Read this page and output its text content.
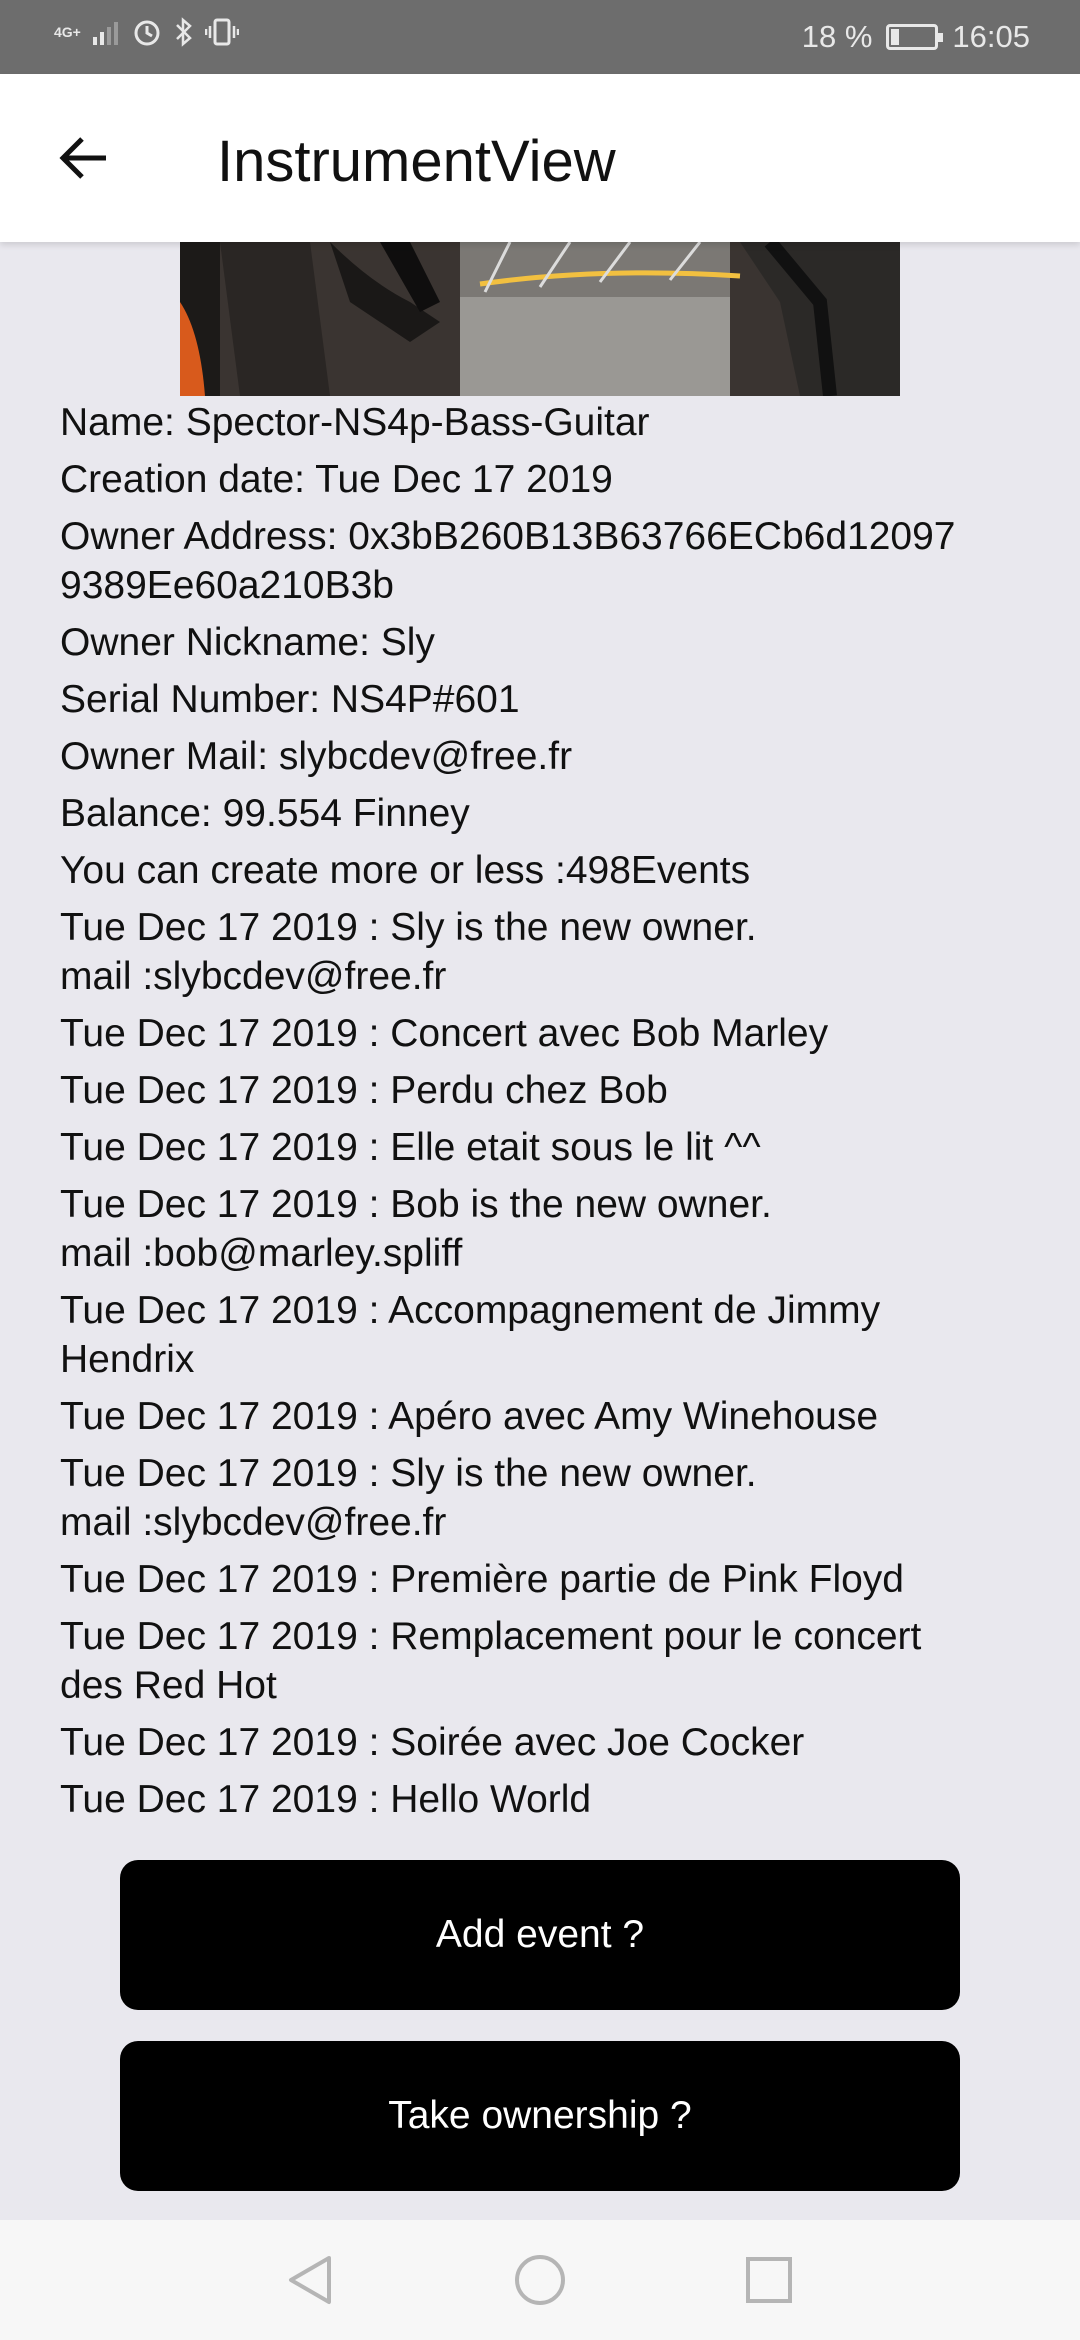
4G+	18 %	16:05
InstrumentView
Name: Spector-NS4p-Bass-Guitar
Creation date: Tue Dec 17 2019
Owner Address: 0x3bB260B13B63766ECb6d12097
9389Ee60a210B3b
Owner Nickname: Sly
Serial Number: NS4P#601
Owner Mail: slybcdev@free.fr
Balance: 99.554 Finney
You can create more or less :498Events
Tue Dec 17 2019 : Sly is the new owner.
mail :slybcdev@free.fr
Tue Dec 17 2019 : Concert avec Bob Marley
Tue Dec 17 2019 : Perdu chez Bob
Tue Dec 17 2019 : Elle etait sous le lit ^^
Tue Dec 17 2019 : Bob is the new owner.
mail :bob@marley.spliff
Tue Dec 17 2019 : Accompagnement de Jimmy
Hendrix
Tue Dec 17 2019 : Apéro avec Amy Winehouse
Tue Dec 17 2019 : Sly is the new owner.
mail :slybcdev@free.fr
Tue Dec 17 2019 : Première partie de Pink Floyd
Tue Dec 17 2019 : Remplacement pour le concert
des Red Hot
Tue Dec 17 2019 : Soirée avec Joe Cocker
Tue Dec 17 2019 : Hello World
Add event ?
Take ownership ?
